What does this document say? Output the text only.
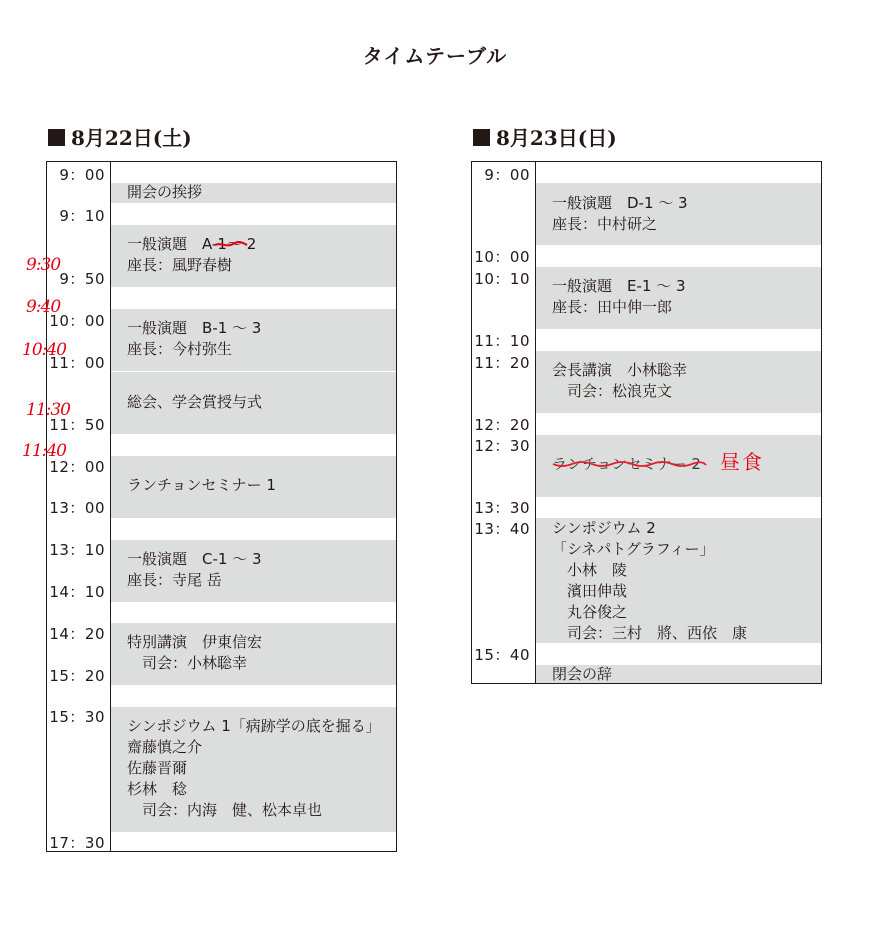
タイムテーブル
8月22日(土)
9：00
9：10
9：50
10：00
11：00
11：50
12：00
13：00
13：10
14：10
14：20
15：20
15：30
17：30
開会の挨拶
一般演題　A-1～ 2
座長：風野春樹
一般演題　B-1 ～ 3
座長：今村弥生
総会、学会賞授与式
ランチョンセミナー 1
一般演題　C-1 ～ 3
座長：寺尾 岳
特別講演　伊東信宏
　司会：小林聡幸
シンポジウム 1「病跡学の底を掘る」
齋藤慎之介
佐藤晋爾
杉林　稔
　司会：内海　健、松本卓也
9:30
9:40
10:40
11:30
11:40
8月23日(日)
9：00
10：00
10：10
11：10
11：20
12：20
12：30
13：30
13：40
15：40
一般演題　D-1 ～ 3
座長：中村研之
一般演題　E-1 ～ 3
座長：田中伸一郎
会長講演　小林聡幸
　司会：松浪克文
ランチョンセミナー 2
シンポジウム 2
「シネパトグラフィー」
　小林　陵
　濱田伸哉
　丸谷俊之
　司会：三村　將、西依　康
閉会の辞
昼食
